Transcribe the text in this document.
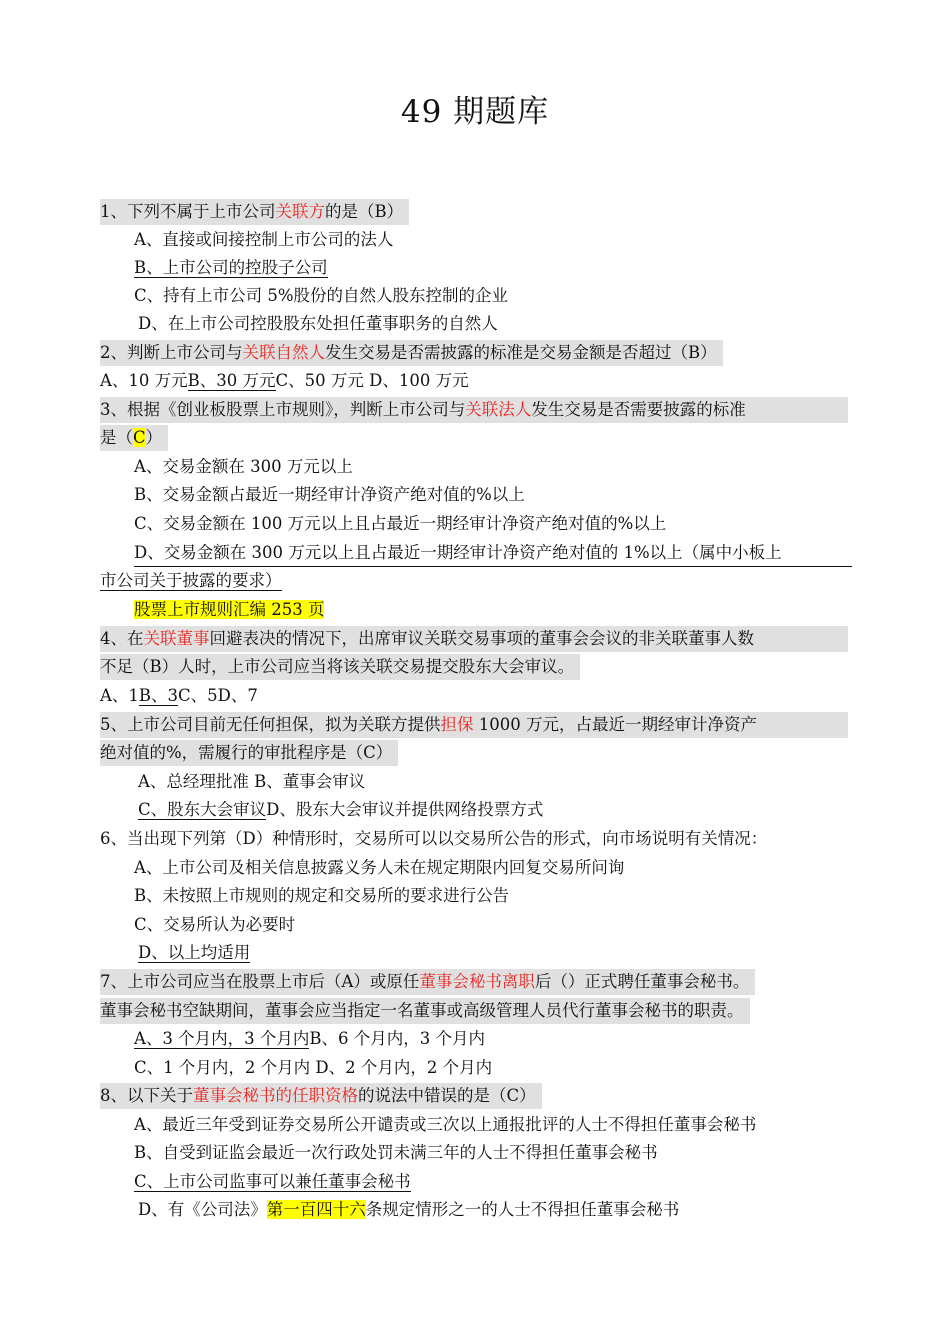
49 期题库
1、下列不属于上市公司关联方的是（B）
A、直接或间接控制上市公司的法人
B、上市公司的控股子公司
C、持有上市公司 5%股份的自然人股东控制的企业
D、在上市公司控股股东处担任董事职务的自然人
2、判断上市公司与关联自然人发生交易是否需披露的标准是交易金额是否超过（B）
A、10 万元B、30 万元C、50 万元 D、100 万元
3、根据《创业板股票上市规则》，判断上市公司与关联法人发生交易是否需要披露的标准
是（C）
A、交易金额在 300 万元以上
B、交易金额占最近一期经审计净资产绝对值的%以上
C、交易金额在 100 万元以上且占最近一期经审计净资产绝对值的%以上
D、交易金额在 300 万元以上且占最近一期经审计净资产绝对值的 1%以上（属中小板上
市公司关于披露的要求）
股票上市规则汇编 253 页
4、在关联董事回避表决的情况下，出席审议关联交易事项的董事会会议的非关联董事人数
不足（B）人时，上市公司应当将该关联交易提交股东大会审议。
A、1B、3C、5D、7
5、上市公司目前无任何担保，拟为关联方提供担保 1000 万元，占最近一期经审计净资产
绝对值的%，需履行的审批程序是（C）
A、总经理批准 B、董事会审议
C、股东大会审议D、股东大会审议并提供网络投票方式
6、当出现下列第（D）种情形时，交易所可以以交易所公告的形式，向市场说明有关情况：
A、上市公司及相关信息披露义务人未在规定期限内回复交易所问询
B、未按照上市规则的规定和交易所的要求进行公告
C、交易所认为必要时
D、以上均适用
7、上市公司应当在股票上市后（A）或原任董事会秘书离职后（）正式聘任董事会秘书。
董事会秘书空缺期间，董事会应当指定一名董事或高级管理人员代行董事会秘书的职责。
A、3 个月内，3 个月内B、6 个月内，3 个月内
C、1 个月内，2 个月内 D、2 个月内，2 个月内
8、以下关于董事会秘书的任职资格的说法中错误的是（C）
A、最近三年受到证券交易所公开谴责或三次以上通报批评的人士不得担任董事会秘书
B、自受到证监会最近一次行政处罚未满三年的人士不得担任董事会秘书
C、上市公司监事可以兼任董事会秘书
D、有《公司法》第一百四十六条规定情形之一的人士不得担任董事会秘书
